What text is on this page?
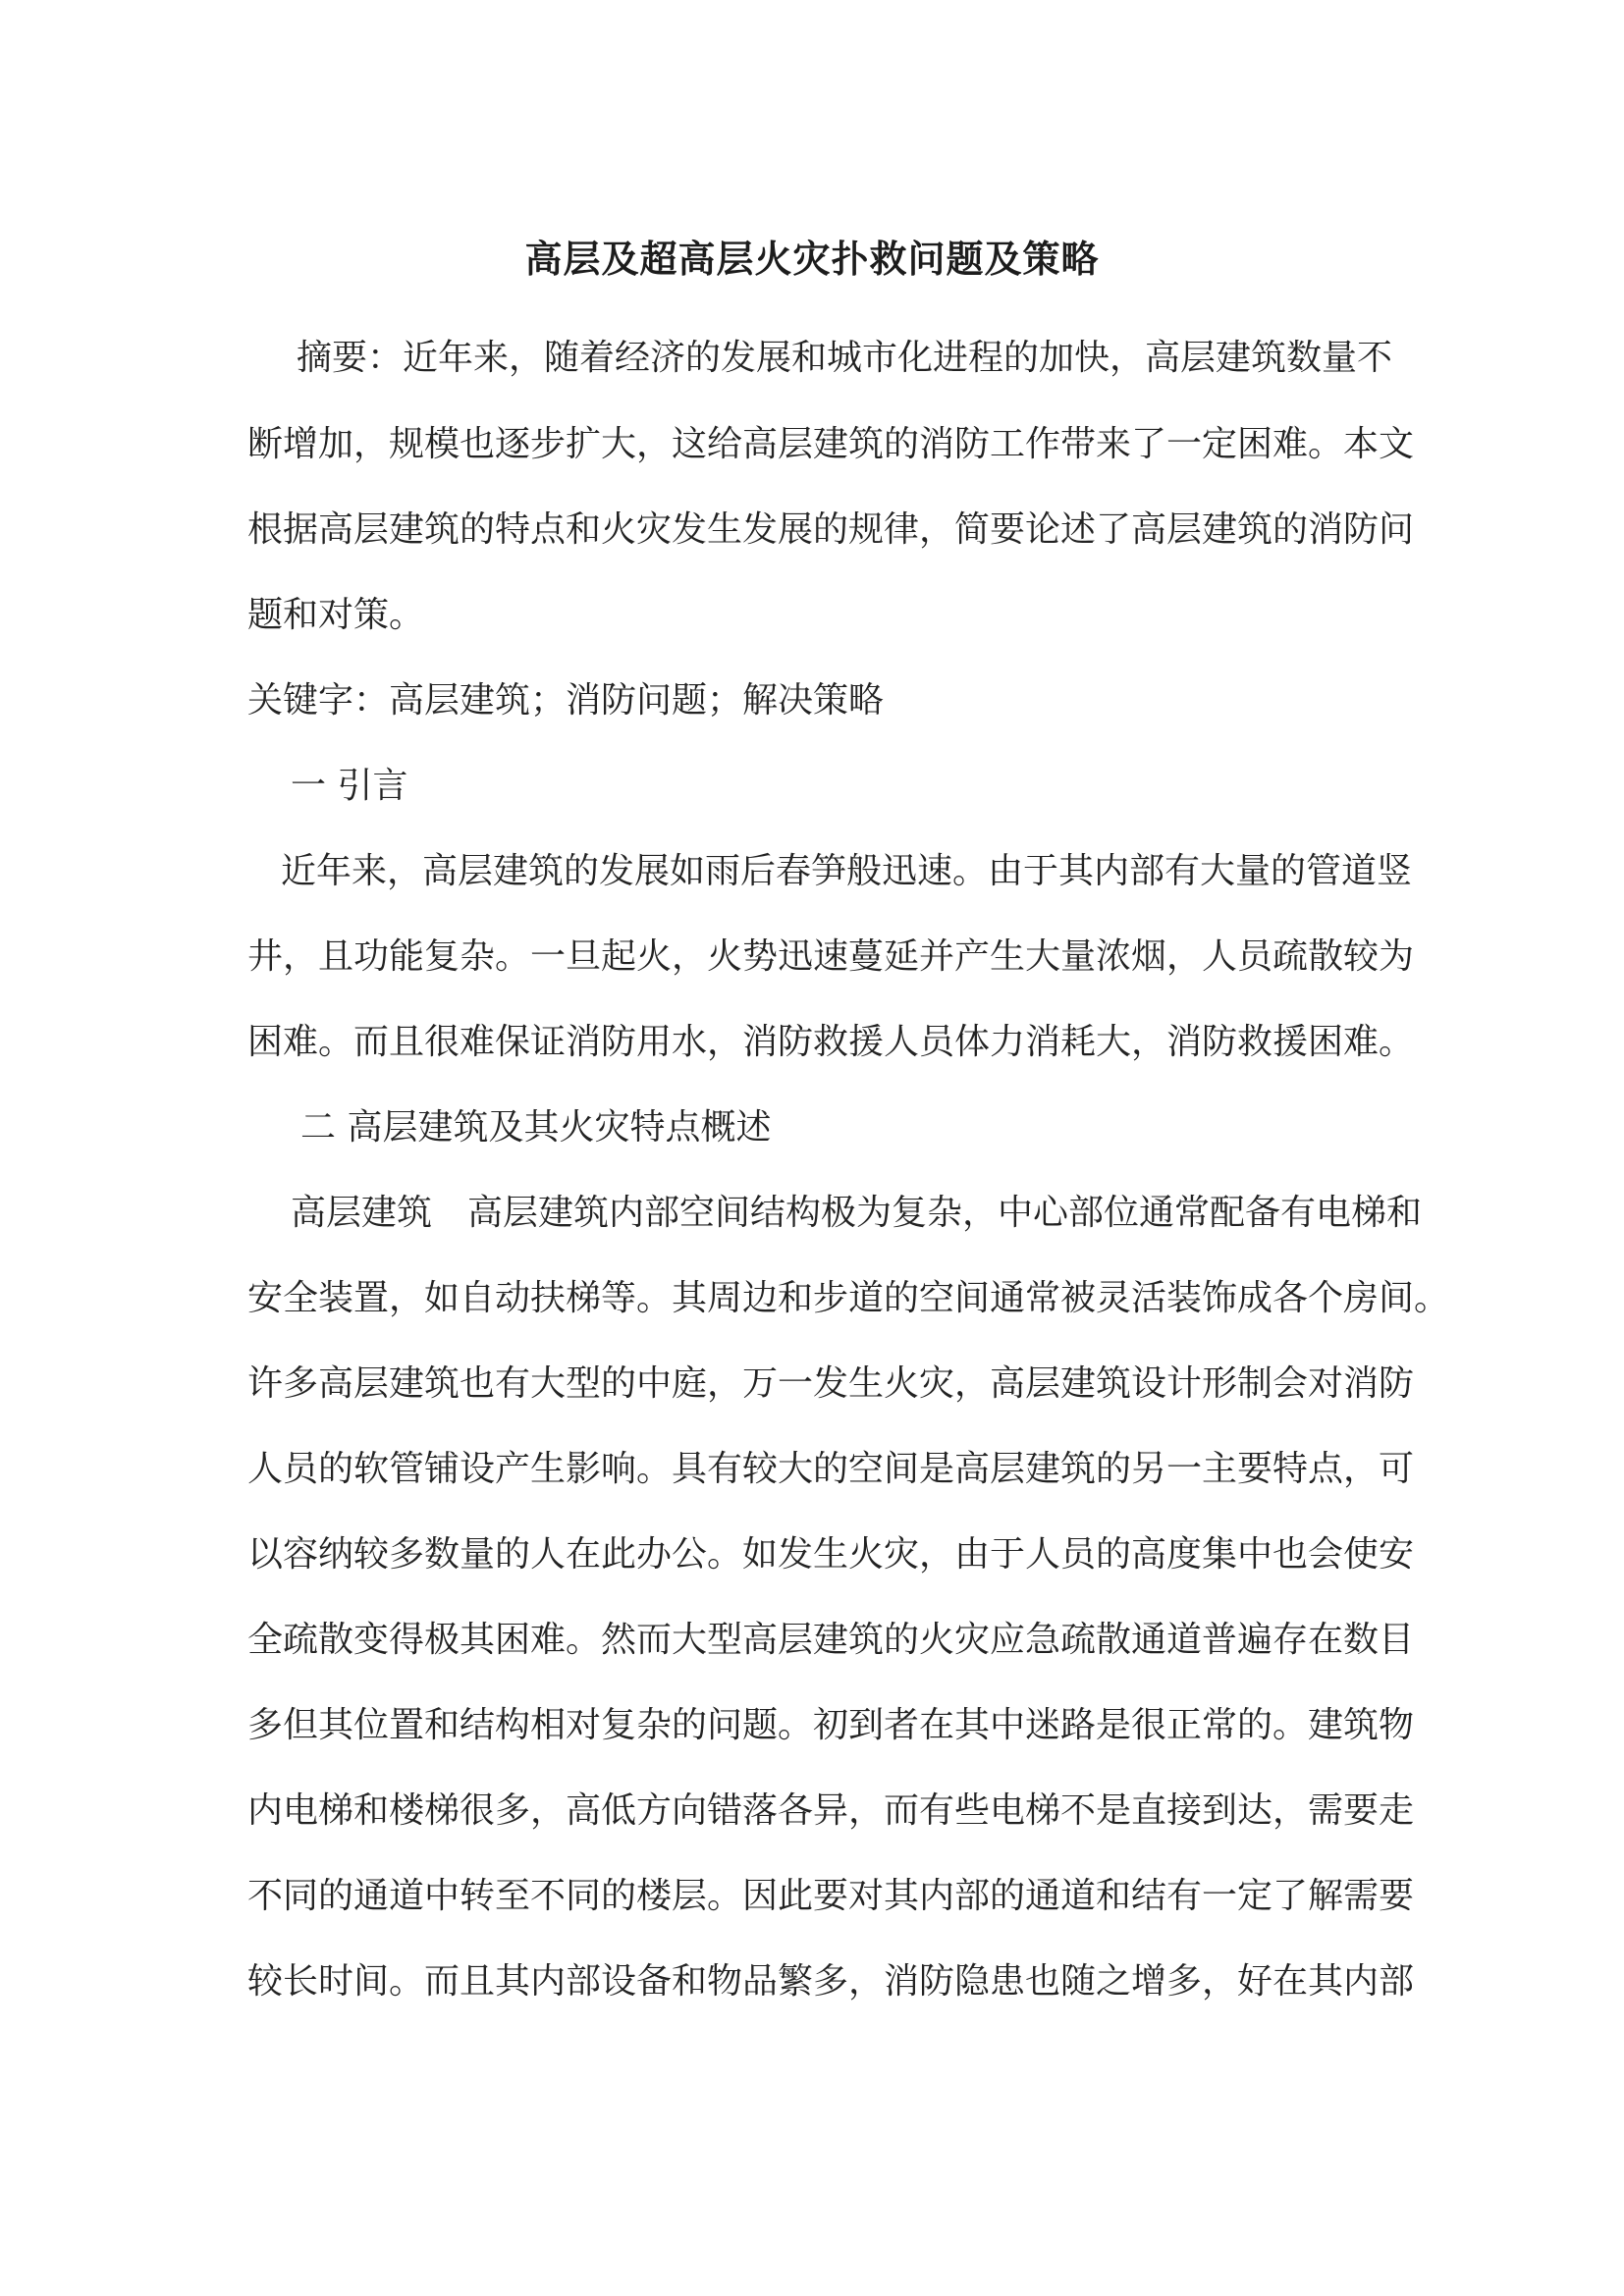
高层及超高层火灾扑救问题及策略
摘要：近年来，随着经济的发展和城市化进程的加快，高层建筑数量不
断增加，规模也逐步扩大，这给高层建筑的消防工作带来了一定困难。本文
根据高层建筑的特点和火灾发生发展的规律，简要论述了高层建筑的消防问
题和对策。
关键字：高层建筑；消防问题；解决策略
一 引言
近年来，高层建筑的发展如雨后春笋般迅速。由于其内部有大量的管道竖
井，且功能复杂。一旦起火，火势迅速蔓延并产生大量浓烟，人员疏散较为
困难。而且很难保证消防用水，消防救援人员体力消耗大，消防救援困难。
二 高层建筑及其火灾特点概述
高层建筑　高层建筑内部空间结构极为复杂，中心部位通常配备有电梯和
安全装置，如自动扶梯等。其周边和步道的空间通常被灵活装饰成各个房间。
许多高层建筑也有大型的中庭，万一发生火灾，高层建筑设计形制会对消防
人员的软管铺设产生影响。具有较大的空间是高层建筑的另一主要特点，可
以容纳较多数量的人在此办公。如发生火灾，由于人员的高度集中也会使安
全疏散变得极其困难。然而大型高层建筑的火灾应急疏散通道普遍存在数目
多但其位置和结构相对复杂的问题。初到者在其中迷路是很正常的。建筑物
内电梯和楼梯很多，高低方向错落各异，而有些电梯不是直接到达，需要走
不同的通道中转至不同的楼层。因此要对其内部的通道和结有一定了解需要
较长时间。而且其内部设备和物品繁多，消防隐患也随之增多，好在其内部
